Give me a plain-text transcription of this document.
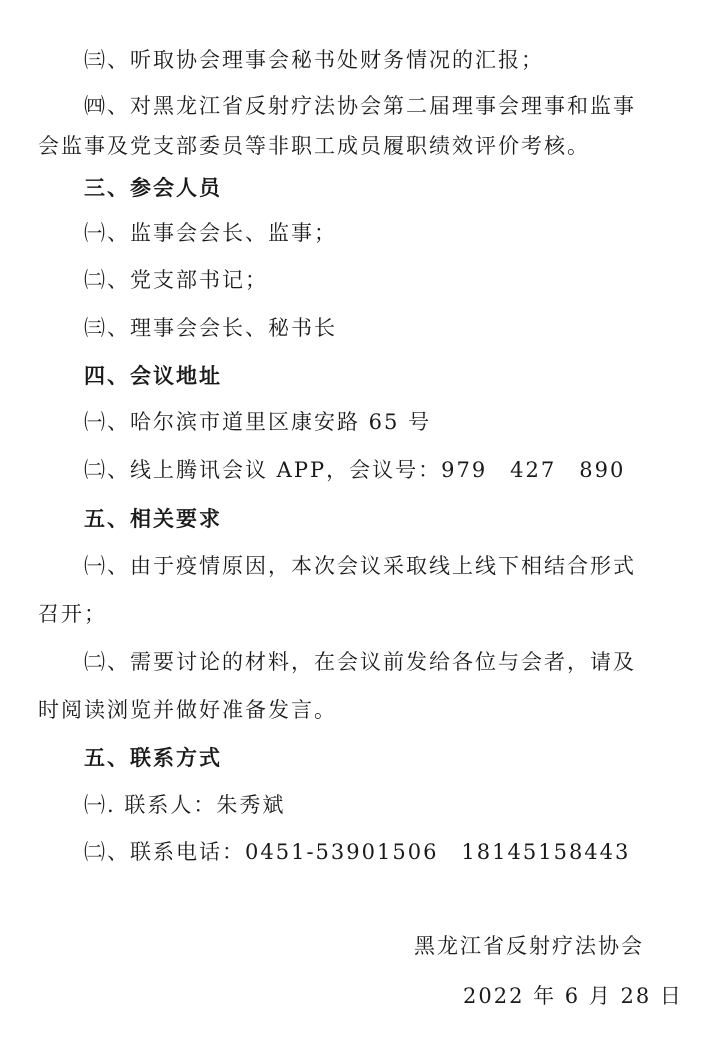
㈢、听取协会理事会秘书处财务情况的汇报；
㈣、对黑龙江省反射疗法协会第二届理事会理事和监事
会监事及党支部委员等非职工成员履职绩效评价考核。
三、参会人员
㈠、监事会会长、监事；
㈡、党支部书记；
㈢、理事会会长、秘书长
四、会议地址
㈠、哈尔滨市道里区康安路 65 号
㈡、线上腾讯会议 APP，会议号：979　427　890
五、相关要求
㈠、由于疫情原因，本次会议采取线上线下相结合形式
召开；
㈡、需要讨论的材料，在会议前发给各位与会者，请及
时阅读浏览并做好准备发言。
五、联系方式
㈠. 联系人：朱秀斌
㈡、联系电话：0451-53901506　18145158443
黑龙江省反射疗法协会
2022 年 6 月 28 日
